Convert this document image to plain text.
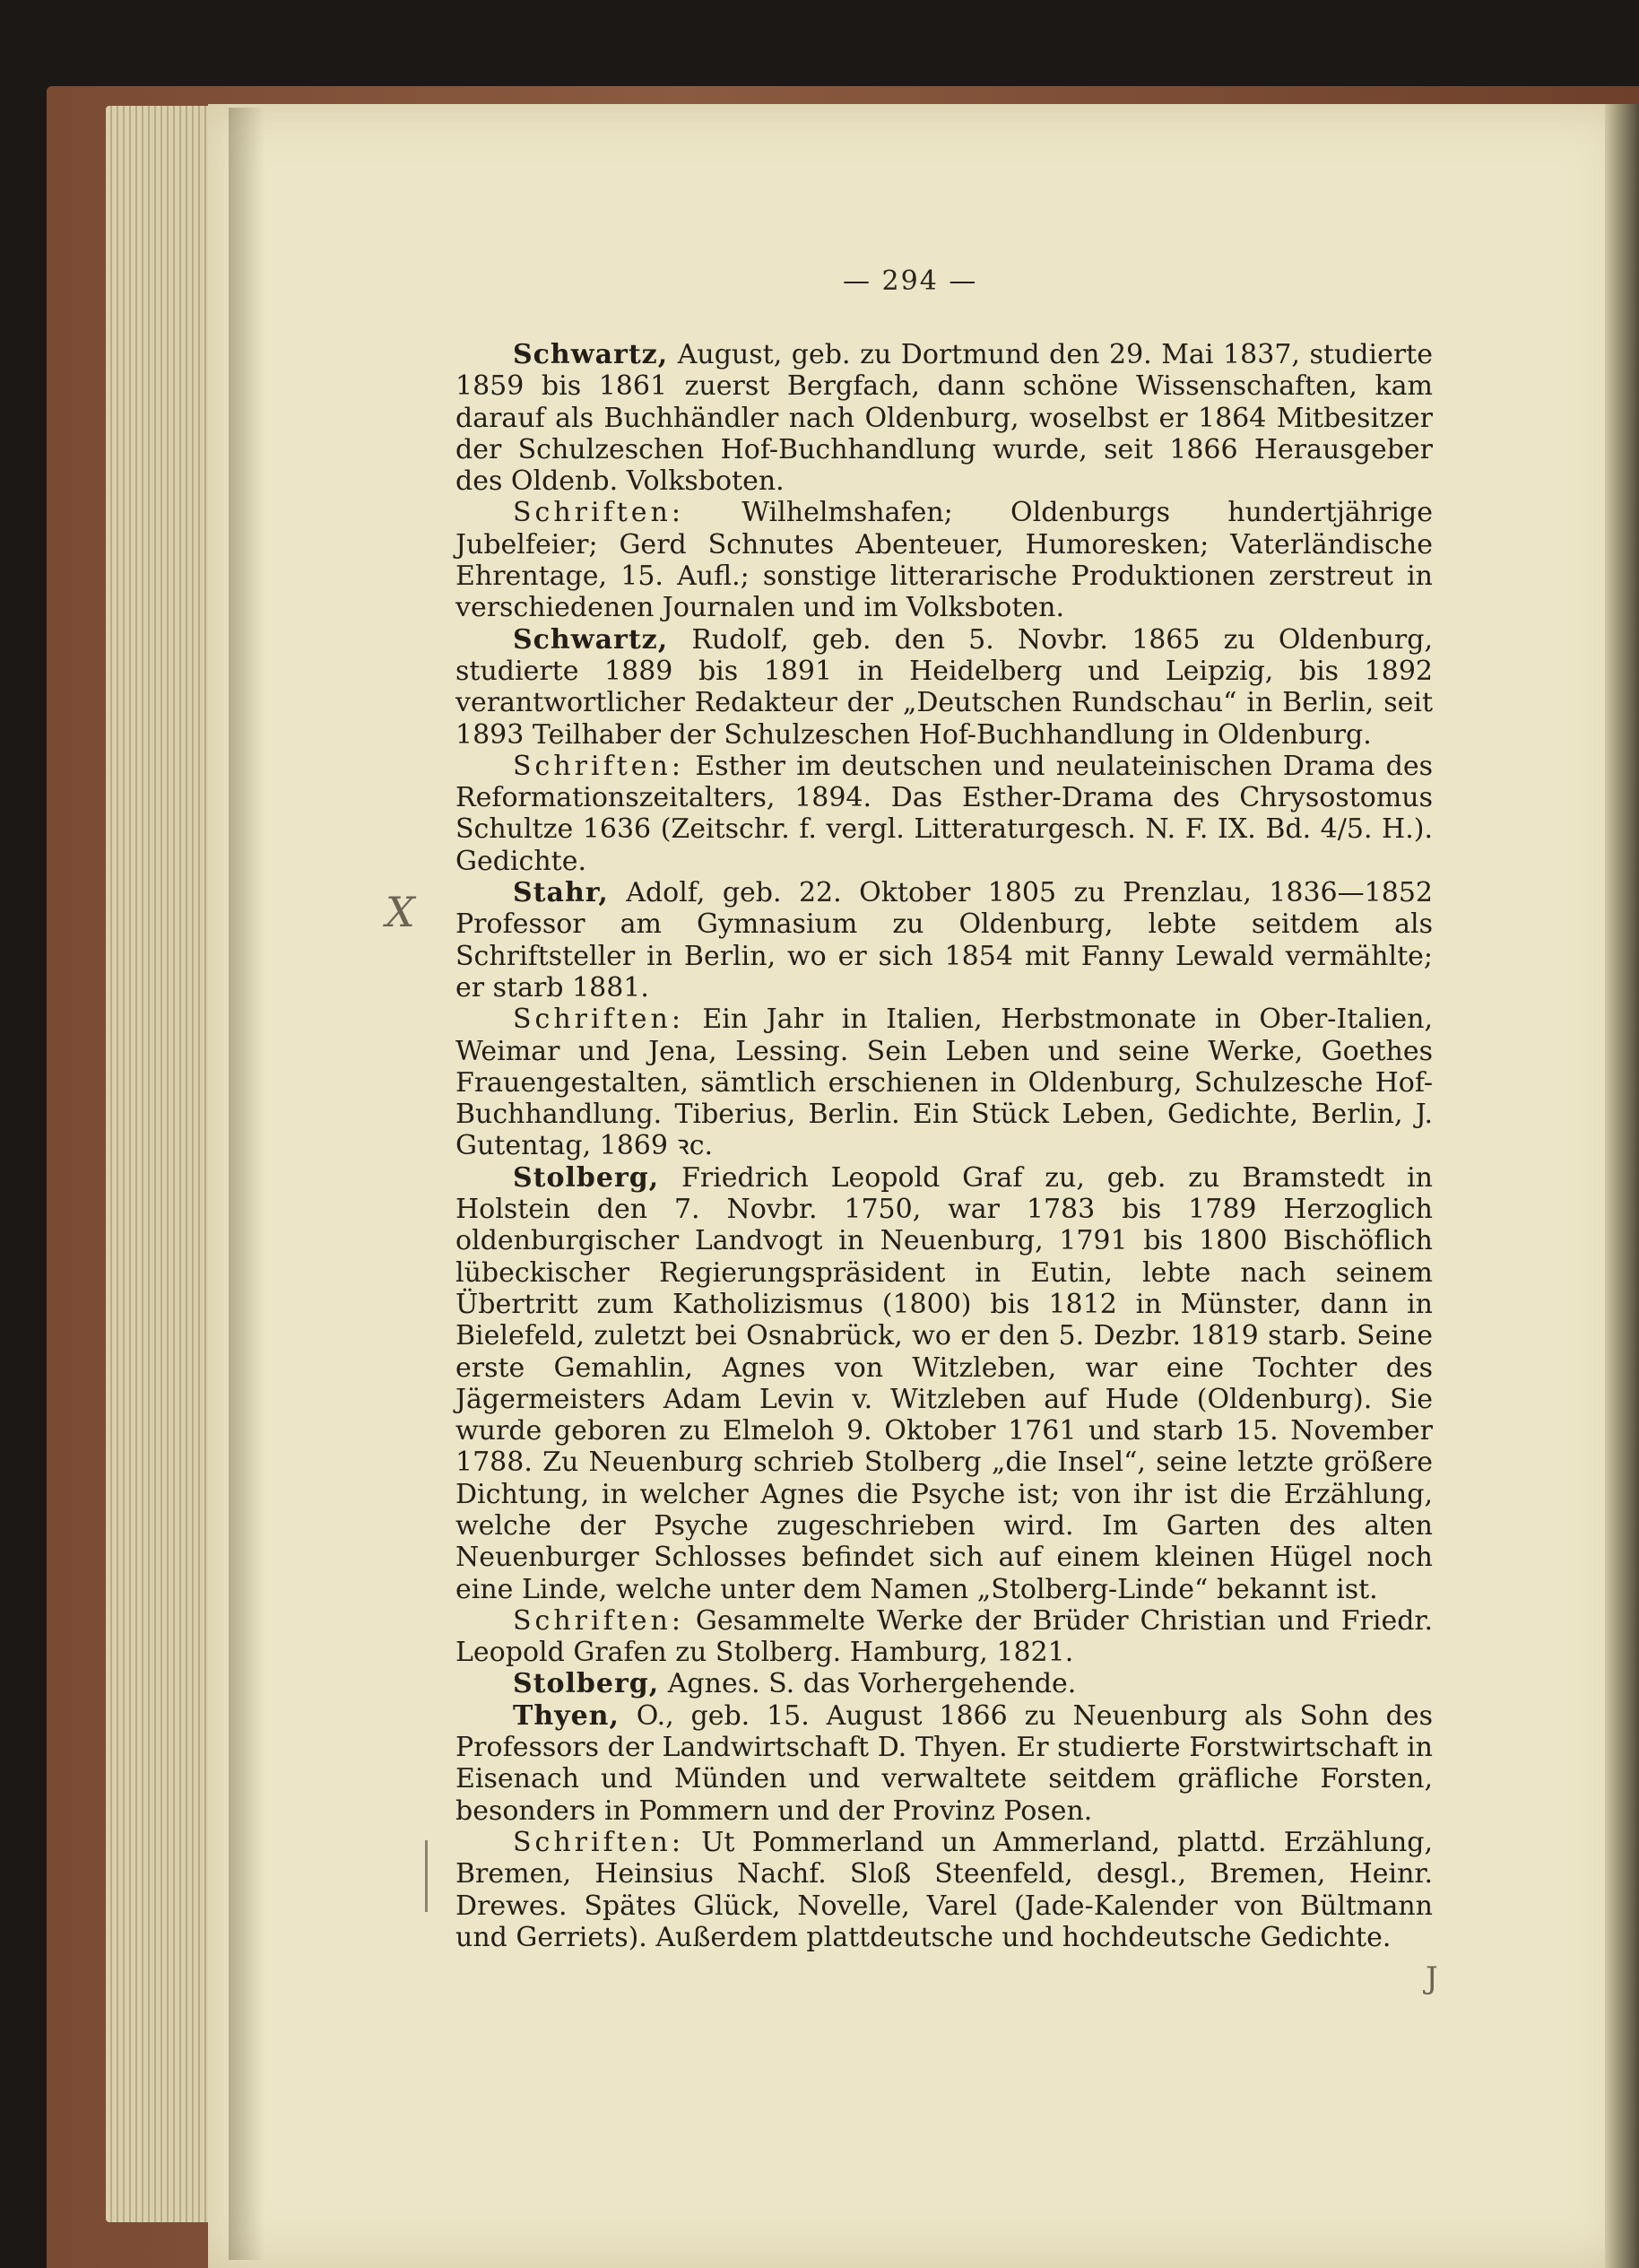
— 294 —
X
J

Schwartz, August, geb. zu Dortmund den 29. Mai 1837, studierte 1859 bis 1861 zuerst Bergfach, dann schöne Wissenschaften, kam darauf als Buchhändler nach Oldenburg, woselbst er 1864 Mitbesitzer der Schulzeschen Hof-Buchhandlung wurde, seit 1866 Herausgeber des Oldenb. Volksboten.

Schriften: Wilhelmshafen; Oldenburgs hundertjährige Jubelfeier; Gerd Schnutes Abenteuer, Humoresken; Vaterländische Ehrentage, 15. Aufl.; sonstige litterarische Produktionen zerstreut in verschiedenen Journalen und im Volksboten.

Schwartz, Rudolf, geb. den 5. Novbr. 1865 zu Oldenburg, studierte 1889 bis 1891 in Heidelberg und Leipzig, bis 1892 verantwortlicher Redakteur der „Deutschen Rundschau“ in Berlin, seit 1893 Teilhaber der Schulzeschen Hof-Buchhandlung in Oldenburg.

Schriften: Esther im deutschen und neulateinischen Drama des Reformationszeitalters, 1894. Das Esther-Drama des Chrysostomus Schultze 1636 (Zeitschr. f. vergl. Litteraturgesch. N. F. IX. Bd. 4/5. H.). Gedichte.

Stahr, Adolf, geb. 22. Oktober 1805 zu Prenzlau, 1836—1852 Professor am Gymnasium zu Oldenburg, lebte seitdem als Schriftsteller in Berlin, wo er sich 1854 mit Fanny Lewald vermählte; er starb 1881.

Schriften: Ein Jahr in Italien, Herbstmonate in Ober-Italien, Weimar und Jena, Lessing. Sein Leben und seine Werke, Goethes Frauengestalten, sämtlich erschienen in Oldenburg, Schulzesche Hof-Buchhandlung. Tiberius, Berlin. Ein Stück Leben, Gedichte, Berlin, J. Gutentag, 1869 ꝛc.

Stolberg, Friedrich Leopold Graf zu, geb. zu Bramstedt in Holstein den 7. Novbr. 1750, war 1783 bis 1789 Herzoglich oldenburgischer Landvogt in Neuenburg, 1791 bis 1800 Bischöflich lübeckischer Regierungspräsident in Eutin, lebte nach seinem Übertritt zum Katholizismus (1800) bis 1812 in Münster, dann in Bielefeld, zuletzt bei Osnabrück, wo er den 5. Dezbr. 1819 starb. Seine erste Gemahlin, Agnes von Witzleben, war eine Tochter des Jägermeisters Adam Levin v. Witzleben auf Hude (Oldenburg). Sie wurde geboren zu Elmeloh 9. Oktober 1761 und starb 15. November 1788. Zu Neuenburg schrieb Stolberg „die Insel“, seine letzte größere Dichtung, in welcher Agnes die Psyche ist; von ihr ist die Erzählung, welche der Psyche zugeschrieben wird. Im Garten des alten Neuenburger Schlosses befindet sich auf einem kleinen Hügel noch eine Linde, welche unter dem Namen „Stolberg-Linde“ bekannt ist.

Schriften: Gesammelte Werke der Brüder Christian und Friedr. Leopold Grafen zu Stolberg. Hamburg, 1821.

Stolberg, Agnes. S. das Vorhergehende.

Thyen, O., geb. 15. August 1866 zu Neuenburg als Sohn des Professors der Landwirtschaft D. Thyen. Er studierte Forstwirtschaft in Eisenach und Münden und verwaltete seitdem gräfliche Forsten, besonders in Pommern und der Provinz Posen.

Schriften: Ut Pommerland un Ammerland, plattd. Erzählung, Bremen, Heinsius Nachf. Sloß Steenfeld, desgl., Bremen, Heinr. Drewes. Spätes Glück, Novelle, Varel (Jade-Kalender von Bültmann und Gerriets). Außerdem plattdeutsche und hochdeutsche Gedichte.
